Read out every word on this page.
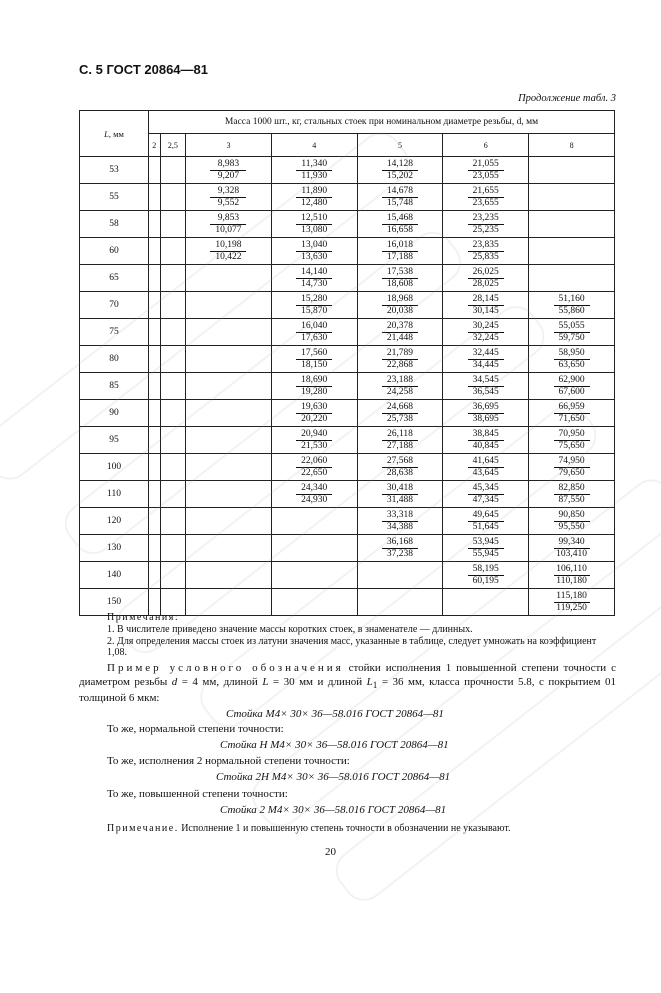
С. 5 ГОСТ 20864—81
Продолжение табл. 3
L, мм	Масса 1000 шт., кг, стальных стоек при номинальном диаметре резьбы, d, мм						
	2	2,5	3	4	5	6	8
53			$\frac{8,983}{9,207}$	$\frac{11,340}{11,930}$	$\frac{14,128}{15,202}$	$\frac{21,055}{23,055}$

55			$\frac{9,328}{9,552}$	$\frac{11,890}{12,480}$	$\frac{14,678}{15,748}$	$\frac{21,655}{23,655}$

58			$\frac{9,853}{10,077}$	$\frac{12,510}{13,080}$	$\frac{15,468}{16,658}$	$\frac{23,235}{25,235}$

60			$\frac{10,198}{10,422}$	$\frac{13,040}{13,630}$	$\frac{16,018}{17,188}$	$\frac{23,835}{25,835}$

65				$\frac{14,140}{14,730}$	$\frac{17,538}{18,608}$	$\frac{26,025}{28,025}$

70				$\frac{15,280}{15,870}$	$\frac{18,968}{20,038}$	$\frac{28,145}{30,145}$	$\frac{51,160}{55,860}$

75				$\frac{16,040}{17,630}$	$\frac{20,378}{21,448}$	$\frac{30,245}{32,245}$	$\frac{55,055}{59,750}$

80				$\frac{17,560}{18,150}$	$\frac{21,789}{22,868}$	$\frac{32,445}{34,445}$	$\frac{58,950}{63,650}$

85				$\frac{18,690}{19,280}$	$\frac{23,188}{24,258}$	$\frac{34,545}{36,545}$	$\frac{62,900}{67,600}$

90				$\frac{19,630}{20,220}$	$\frac{24,668}{25,738}$	$\frac{36,695}{38,695}$	$\frac{66,959}{71,650}$

95				$\frac{20,940}{21,530}$	$\frac{26,118}{27,188}$	$\frac{38,845}{40,845}$	$\frac{70,950}{75,650}$

100				$\frac{22,060}{22,650}$	$\frac{27,568}{28,638}$	$\frac{41,645}{43,645}$	$\frac{74,950}{79,650}$

110				$\frac{24,340}{24,930}$	$\frac{30,418}{31,488}$	$\frac{45,345}{47,345}$	$\frac{82,850}{87,550}$

120					$\frac{33,318}{34,388}$	$\frac{49,645}{51,645}$	$\frac{90,850}{95,550}$

130					$\frac{36,168}{37,238}$	$\frac{53,945}{55,945}$	$\frac{99,340}{103,410}$

140						$\frac{58,195}{60,195}$	$\frac{106,110}{110,180}$

150							$\frac{115,180}{119,250}$
Примечания:
1. В числителе приведено значение массы коротких стоек, в знаменателе — длинных.
2. Для определения массы стоек из латуни значения масс, указанные в таблице, следует умножать на коэффициент 1,08.
Пример условного обозначения стойки исполнения 1 повышенной степени точности с диаметром резьбы d = 4 мм, длиной L = 30 мм и длиной $L_1 = 36$ мм, класса прочности 5.8, с покрытием 01 толщиной 6 мкм:
Стойка М4× 30× 36—58.016 ГОСТ 20864—81
То же, нормальной степени точности:
Стойка Н М4× 30× 36—58.016 ГОСТ 20864—81
То же, исполнения 2 нормальной степени точности:
Стойка 2Н М4× 30× 36—58.016 ГОСТ 20864—81
То же, повышенной степени точности:
Стойка 2 М4× 30× 36—58.016 ГОСТ 20864—81
Примечание. Исполнение 1 и повышенную степень точности в обозначении не указывают.
20
